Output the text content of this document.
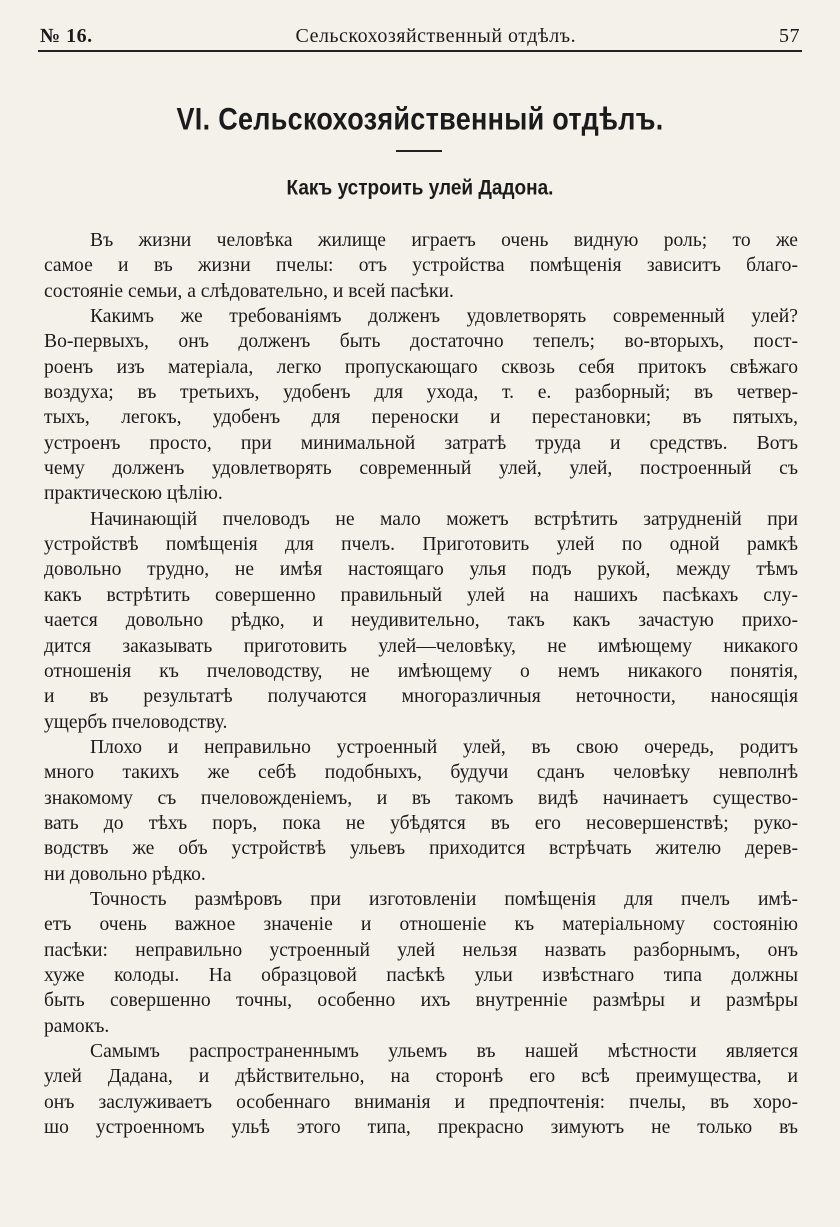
№ 16.	Сельскохозяйственный отдѣлъ.	57
VI. Сельскохозяйственный отдѣлъ.
Какъ устроить улей Дадона.
Въ жизни человѣка жилище играетъ очень видную роль; то же
самое и въ жизни пчелы: отъ устройства помѣщенія зависитъ благо-
состояніе семьи, а слѣдовательно, и всей пасѣки.
Какимъ же требованіямъ долженъ удовлетворять современный улей?
Во-первыхъ, онъ долженъ быть достаточно тепелъ; во-вторыхъ, пост-
роенъ изъ матеріала, легко пропускающаго сквозь себя притокъ свѣжаго
воздуха; въ третьихъ, удобенъ для ухода, т. е. разборный; въ четвер-
тыхъ, легокъ, удобенъ для переноски и перестановки; въ пятыхъ,
устроенъ просто, при минимальной затратѣ труда и средствъ. Вотъ
чему долженъ удовлетворять современный улей, улей, построенный съ
практическою цѣлію.
Начинающій пчеловодъ не мало можетъ встрѣтить затрудненій при
устройствѣ помѣщенія для пчелъ. Приготовить улей по одной рамкѣ
довольно трудно, не имѣя настоящаго улья подъ рукой, между тѣмъ
какъ встрѣтить совершенно правильный улей на нашихъ пасѣкахъ слу-
чается довольно рѣдко, и неудивительно, такъ какъ зачастую прихо-
дится заказывать приготовить улей—человѣку, не имѣющему никакого
отношенія къ пчеловодству, не имѣющему о немъ никакого понятія,
и въ результатѣ получаются многоразличныя неточности, наносящія
ущербъ пчеловодству.
Плохо и неправильно устроенный улей, въ свою очередь, родитъ
много такихъ же себѣ подобныхъ, будучи сданъ человѣку невполнѣ
знакомому съ пчеловожденіемъ, и въ такомъ видѣ начинаетъ существо-
вать до тѣхъ поръ, пока не убѣдятся въ его несовершенствѣ; руко-
водствъ же объ устройствѣ ульевъ приходится встрѣчать жителю дерев-
ни довольно рѣдко.
Точность размѣровъ при изготовленіи помѣщенія для пчелъ имѣ-
етъ очень важное значеніе и отношеніе къ матеріальному состоянію
пасѣки: неправильно устроенный улей нельзя назвать разборнымъ, онъ
хуже колоды. На образцовой пасѣкѣ ульи извѣстнаго типа должны
быть совершенно точны, особенно ихъ внутренніе размѣры и размѣры
рамокъ.
Самымъ распространеннымъ ульемъ въ нашей мѣстности является
улей Дадана, и дѣйствительно, на сторонѣ его всѣ преимущества, и
онъ заслуживаетъ особеннаго вниманія и предпочтенія: пчелы, въ хоро-
шо устроенномъ ульѣ этого типа, прекрасно зимуютъ не только въ
